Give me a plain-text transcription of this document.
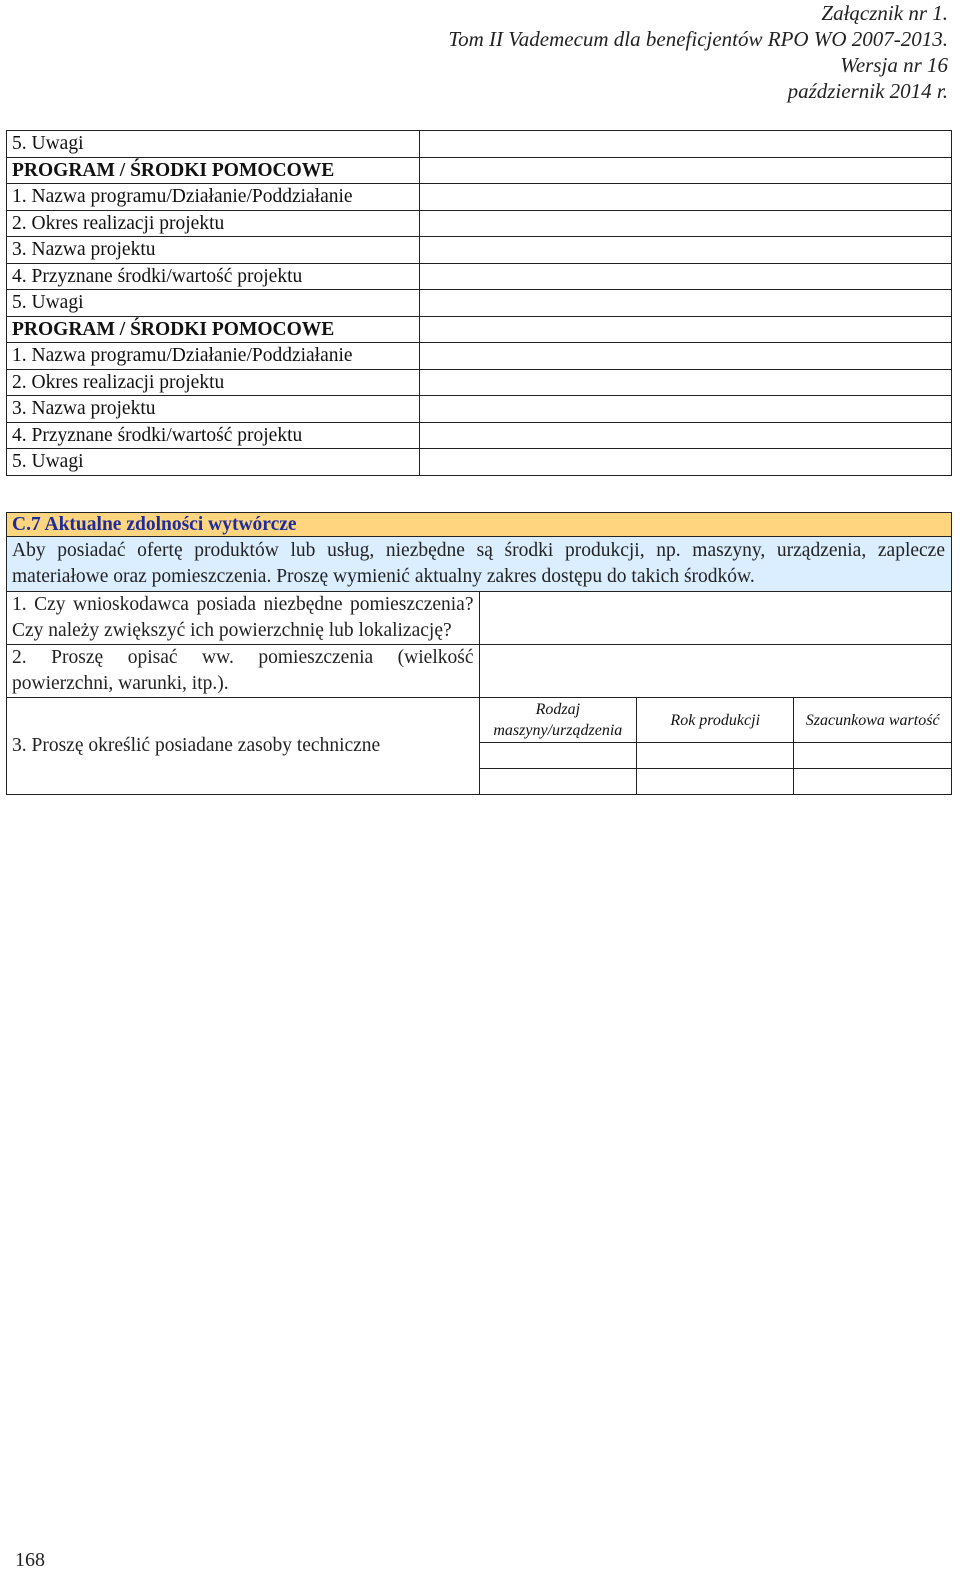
Załącznik nr 1.
Tom II Vademecum dla beneficjentów RPO WO 2007-2013.
Wersja nr 16
październik 2014 r.
5. Uwagi	
PROGRAM / ŚRODKI POMOCOWE	
1. Nazwa programu/Działanie/Poddziałanie	
2. Okres realizacji projektu	
3. Nazwa projektu	
4. Przyznane środki/wartość projektu	
5. Uwagi	
PROGRAM / ŚRODKI POMOCOWE	
1. Nazwa programu/Działanie/Poddziałanie	
2. Okres realizacji projektu	
3. Nazwa projektu	
4. Przyznane środki/wartość projektu	
5. Uwagi	
C.7 Aktualne zdolności wytwórcze
Aby posiadać ofertę produktów lub usług, niezbędne są środki produkcji, np. maszyny, urządzenia, zaplecze materiałowe oraz pomieszczenia. Proszę wymienić aktualny zakres dostępu do takich środków.
1. Czy wnioskodawca posiada niezbędne pomieszczenia? Czy należy zwiększyć ich powierzchnię lub lokalizację?	
2. Proszę opisać ww. pomieszczenia (wielkość powierzchni, warunki, itp.).	
3. Proszę określić posiadane zasoby techniczne	
Rodzaj maszyny/urządzenia	Rok produkcji	Szacunkowa wartość

168
